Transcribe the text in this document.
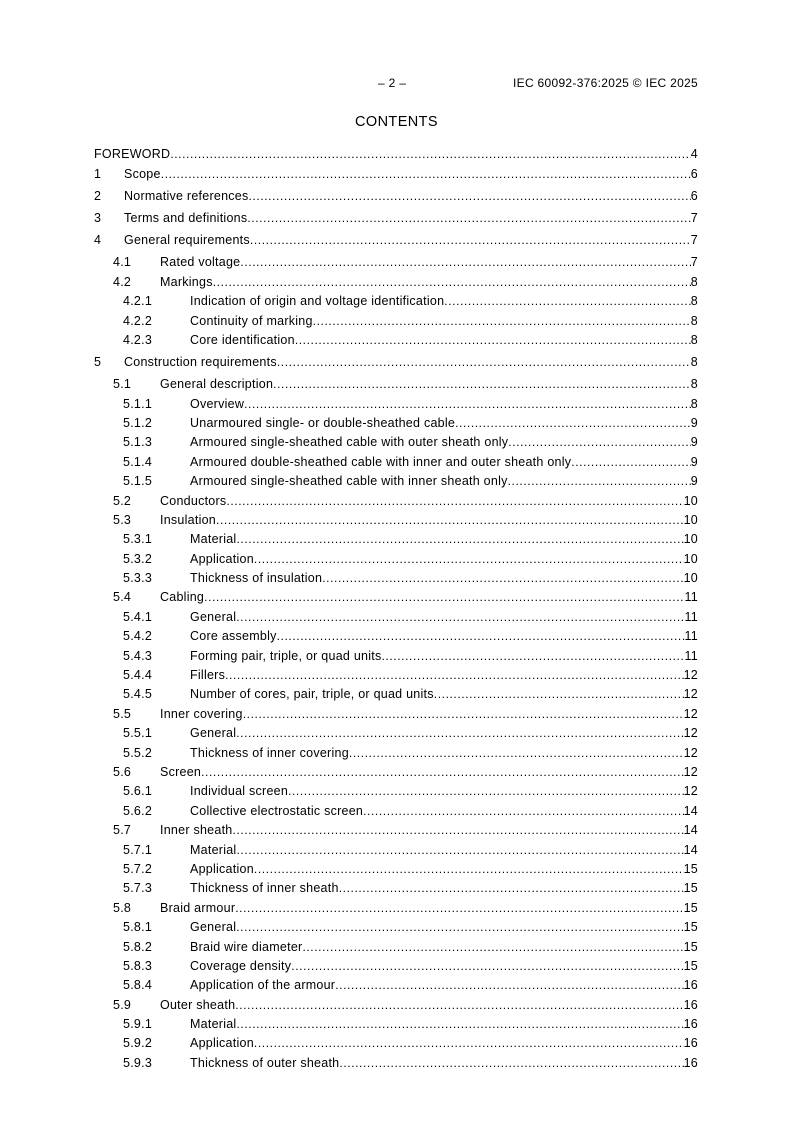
– 2 –	IEC 60092-376:2025 © IEC 2025
CONTENTS
FOREWORD .....	4
1	Scope .....	6
2	Normative references .....	6
3	Terms and definitions .....	7
4	General requirements .....	7
4.1	Rated voltage .....	7
4.2	Markings .....	8
4.2.1	Indication of origin and voltage identification .....	8
4.2.2	Continuity of marking .....	8
4.2.3	Core identification .....	8
5	Construction requirements .....	8
5.1	General description .....	8
5.1.1	Overview .....	8
5.1.2	Unarmoured single- or double-sheathed cable .....	9
5.1.3	Armoured single-sheathed cable with outer sheath only .....	9
5.1.4	Armoured double-sheathed cable with inner and outer sheath only .....	9
5.1.5	Armoured single-sheathed cable with inner sheath only .....	9
5.2	Conductors .....	10
5.3	Insulation .....	10
5.3.1	Material .....	10
5.3.2	Application .....	10
5.3.3	Thickness of insulation .....	10
5.4	Cabling .....	11
5.4.1	General .....	11
5.4.2	Core assembly .....	11
5.4.3	Forming pair, triple, or quad units .....	11
5.4.4	Fillers .....	12
5.4.5	Number of cores, pair, triple, or quad units .....	12
5.5	Inner covering .....	12
5.5.1	General .....	12
5.5.2	Thickness of inner covering .....	12
5.6	Screen .....	12
5.6.1	Individual screen .....	12
5.6.2	Collective electrostatic screen .....	14
5.7	Inner sheath .....	14
5.7.1	Material .....	14
5.7.2	Application .....	15
5.7.3	Thickness of inner sheath .....	15
5.8	Braid armour .....	15
5.8.1	General .....	15
5.8.2	Braid wire diameter .....	15
5.8.3	Coverage density .....	15
5.8.4	Application of the armour .....	16
5.9	Outer sheath .....	16
5.9.1	Material .....	16
5.9.2	Application .....	16
5.9.3	Thickness of outer sheath .....	16
